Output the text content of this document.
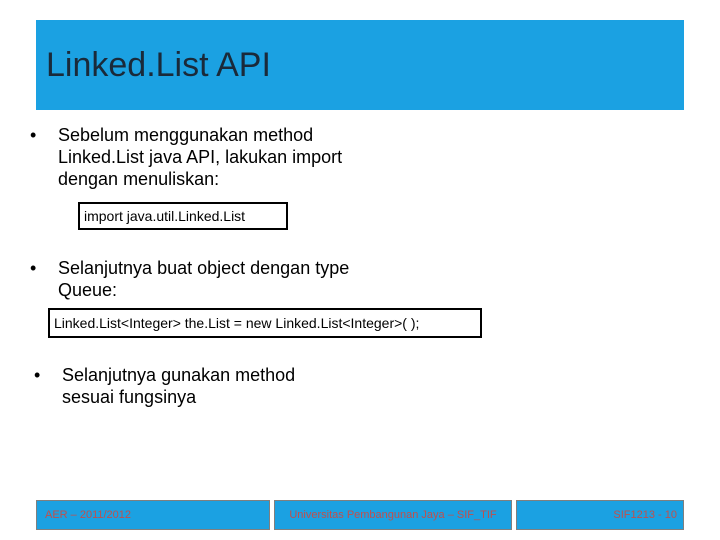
Linked.List API
•	Sebelum menggunakan method
Linked.List java API, lakukan import
dengan menuliskan:
import java.util.Linked.List
•	Selanjutnya buat object dengan type
Queue:
Linked.List<Integer> the.List = new Linked.List<Integer>( );
•	Selanjutnya gunakan method
sesuai fungsinya
AER – 2011/2012	Universitas Pembangunan Jaya – SIF_TIF	SIF1213 - 10
